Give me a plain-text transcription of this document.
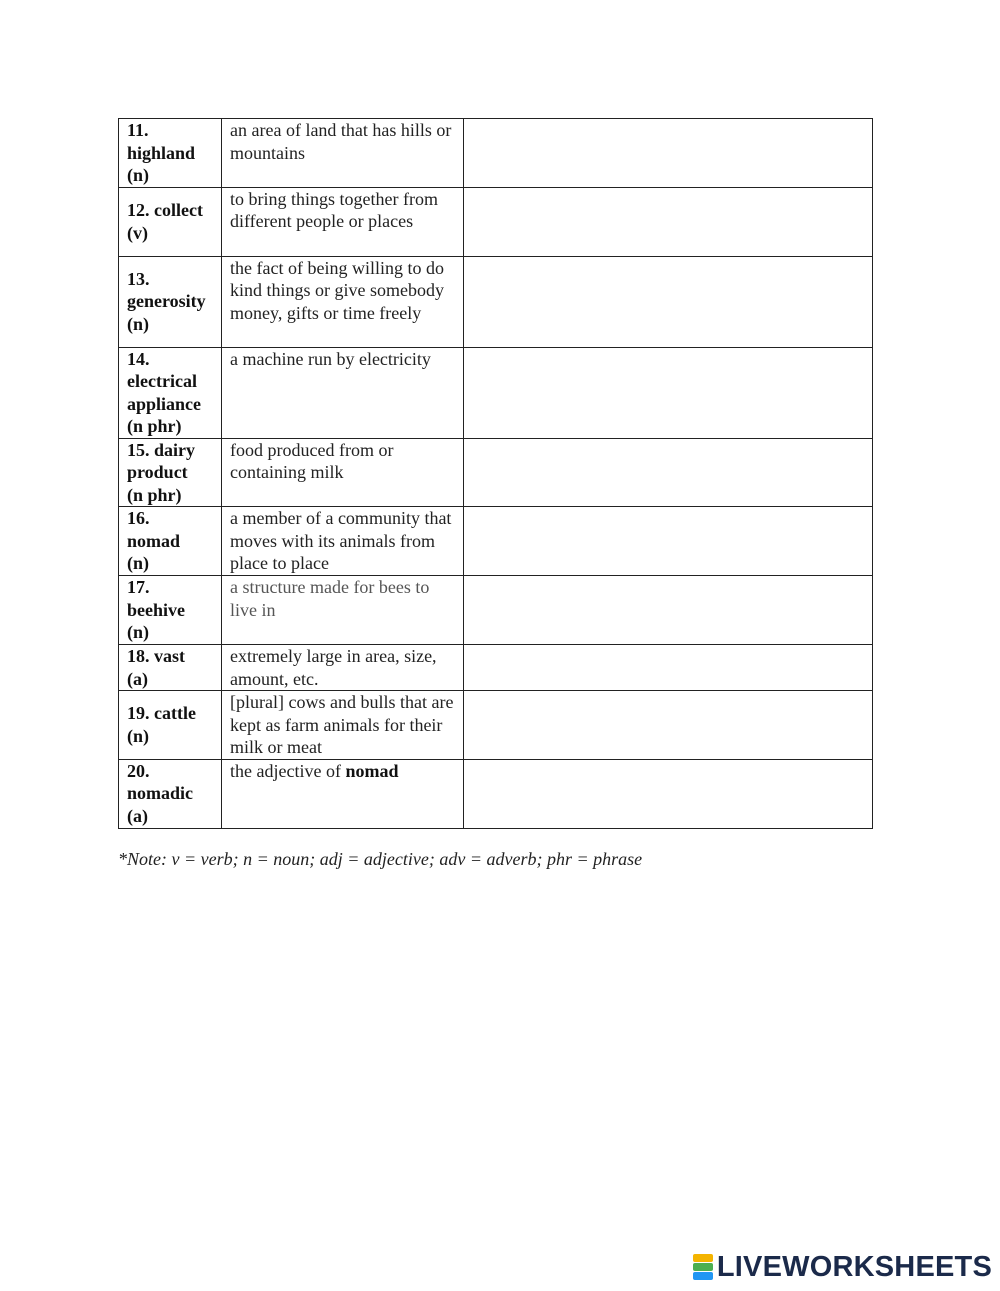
11.
highland
(n)	an area of land that has hills or mountains	

12. collect
(v)	to bring things together from different people or places	

13.
generosity
(n)	the fact of being willing to do kind things or give somebody money, gifts or time freely	

14.
electrical
appliance
(n phr)	a machine run by electricity	

15. dairy
product
(n phr)	food produced from or containing milk	

16.
nomad
(n)	a member of a community that moves with its animals from place to place	

17.
beehive
(n)	a structure made for bees to live in	

18. vast
(a)	extremely large in area, size, amount, etc.	

19. cattle
(n)	[plural] cows and bulls that are kept as farm animals for their milk or meat	

20.
nomadic
(a)	the adjective of nomad	
*Note: v = verb; n = noun; adj = adjective; adv = adverb; phr = phrase
LIVEWORKSHEETS
